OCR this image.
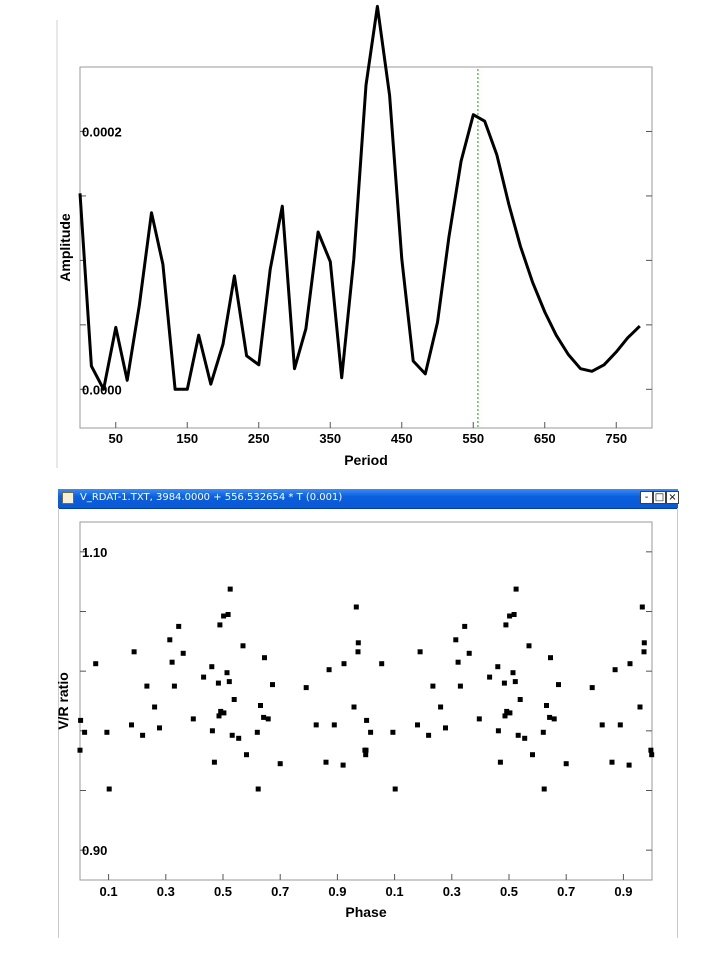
0.0002
0.0000
50	150	250	350	450	550	650	750
Period
Amplitude
V_RDAT-1.TXT, 3984.0000 + 556.532654 * T (0.001)	- □ ×
1.10
0.90
0.1	0.3	0.5	0.7	0.9	0.1	0.3	0.5	0.7	0.9
Phase
V/R ratio
